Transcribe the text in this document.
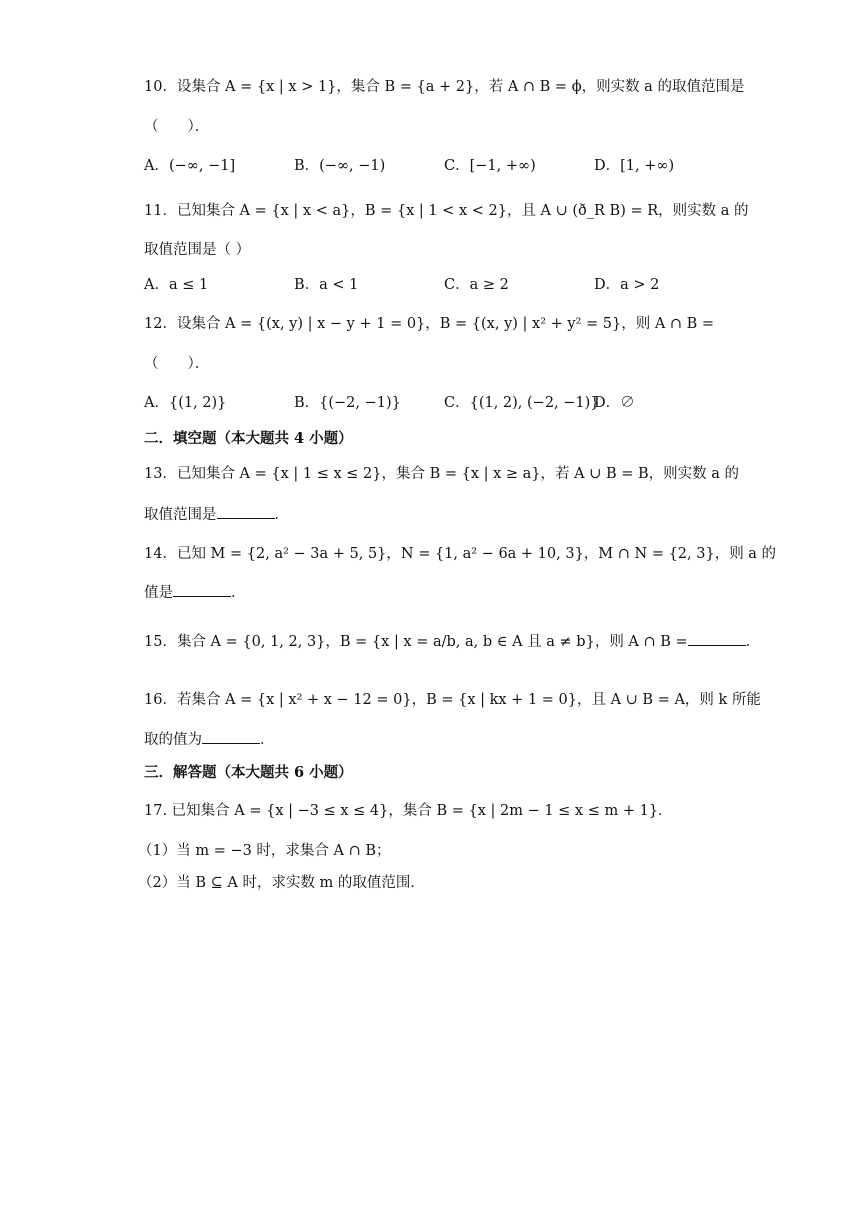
10．设集合 A = {x | x > 1}，集合 B = {a + 2}，若 A ∩ B = ϕ，则实数 a 的取值范围是
（　　）．
A．(−∞, −1]	B．(−∞, −1)	C．[−1, +∞)	D．[1, +∞)
11．已知集合 A = {x | x < a}，B = {x | 1 < x < 2}，且 A ∪ (ð_R B) = R，则实数 a 的
取值范围是（ ）
A．a ≤ 1	B．a < 1	C．a ≥ 2	D．a > 2
12．设集合 A = {(x, y) | x − y + 1 = 0}，B = {(x, y) | x² + y² = 5}，则 A ∩ B =
（　　）．
A．{(1, 2)}	B．{(−2, −1)}	C．{(1, 2), (−2, −1)}
D．∅
二．填空题（本大题共 4 小题）
13．已知集合 A = {x | 1 ≤ x ≤ 2}，集合 B = {x | x ≥ a}，若 A ∪ B = B，则实数 a 的
取值范围是	．
14．已知 M = {2, a² − 3a + 5, 5}，N = {1, a² − 6a + 10, 3}，M ∩ N = {2, 3}，则 a 的
值是	．
15．集合 A = {0, 1, 2, 3}，B = {x | x = a/b, a, b ∈ A 且 a ≠ b}，则 A ∩ B =	．
16．若集合 A = {x | x² + x − 12 = 0}，B = {x | kx + 1 = 0}，且 A ∪ B = A，则 k 所能
取的值为	．
三．解答题（本大题共 6 小题）
17. 已知集合 A = {x | −3 ≤ x ≤ 4}，集合 B = {x | 2m − 1 ≤ x ≤ m + 1}．
（1）当 m = −3 时，求集合 A ∩ B；
（2）当 B ⊆ A 时，求实数 m 的取值范围．
